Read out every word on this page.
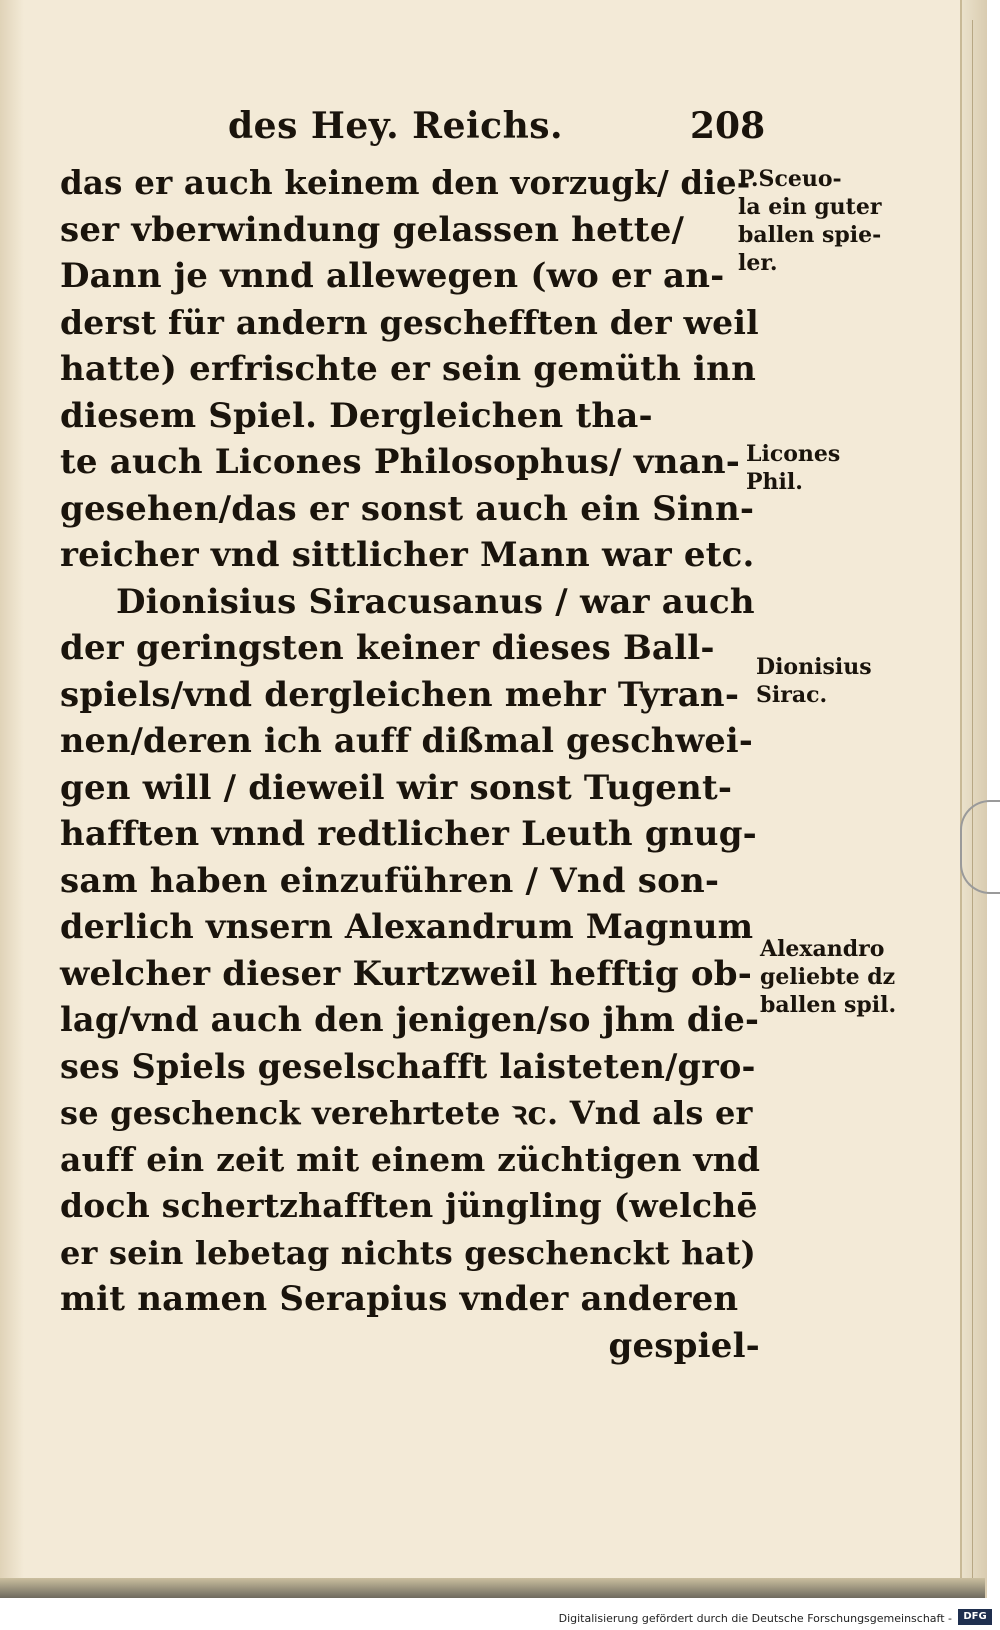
Digitalisierung gefördert durch die Deutsche Forschungsgemeinschaft -	DFG
des Hey. Reichs.	208
das er auch keinem den vorzugk/ die-
ser vberwindung gelassen hette/
Dann je vnnd allewegen (wo er an-
derst für andern geschefften der weil
hatte) erfrischte er sein gemüth inn
diesem Spiel. Dergleichen tha-
te auch Licones Philosophus/ vnan-
gesehen/das er sonst auch ein Sinn-
reicher vnd sittlicher Mann war etc.
Dionisius Siracusanus / war auch
der geringsten keiner dieses Ball-
spiels/vnd dergleichen mehr Tyran-
nen/deren ich auff dißmal geschwei-
gen will / dieweil wir sonst Tugent-
hafften vnnd redtlicher Leuth gnug-
sam haben einzuführen / Vnd son-
derlich vnsern Alexandrum Magnum
welcher dieser Kurtzweil hefftig ob-
lag/vnd auch den jenigen/so jhm die-
ses Spiels geselschafft laisteten/gro-
se geschenck verehrtete ꝛc. Vnd als er
auff ein zeit mit einem züchtigen vnd
doch schertzhafften jüngling (welchē
er sein lebetag nichts geschenckt hat)
mit namen Serapius vnder anderen
gespiel-
P.Sceuo-
la ein guter
ballen spie-
ler.
Licones
Phil.
Dionisius
Sirac.
Alexandro
geliebte dz
ballen spil.
